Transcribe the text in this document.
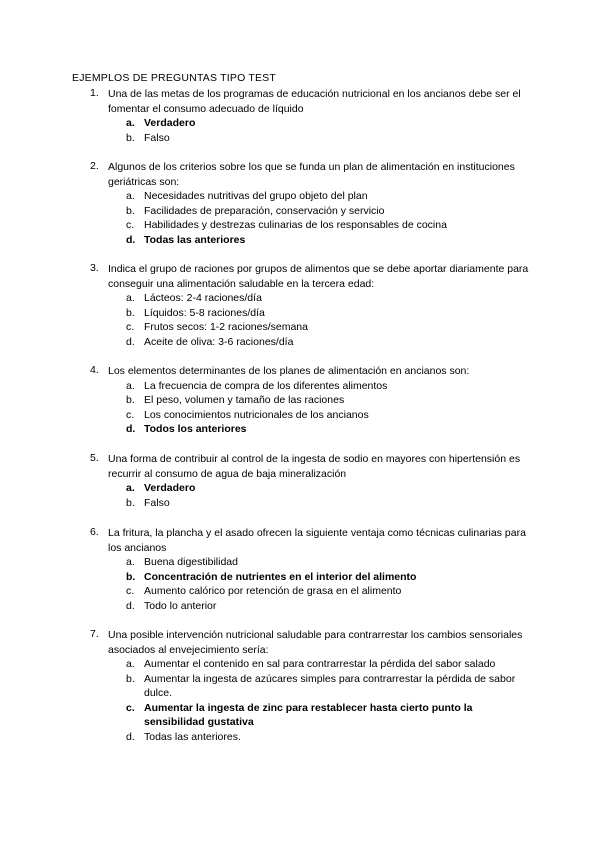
EJEMPLOS DE PREGUNTAS TIPO TEST
1. Una de las metas de los programas de educación nutricional en los ancianos debe ser el fomentar el consumo adecuado de líquido
a. Verdadero
b. Falso
2. Algunos de los criterios sobre los que se funda un plan de alimentación en instituciones geriátricas son:
a. Necesidades nutritivas del grupo objeto del plan
b. Facilidades de preparación, conservación y servicio
c. Habilidades y destrezas culinarias de los responsables de cocina
d. Todas las anteriores
3. Indica el grupo de raciones por grupos de alimentos que se debe aportar diariamente para conseguir una alimentación saludable en la tercera edad:
a. Lácteos: 2-4 raciones/día
b. Líquidos: 5-8 raciones/día
c. Frutos secos: 1-2 raciones/semana
d. Aceite de oliva: 3-6 raciones/día
4. Los elementos determinantes de los planes de alimentación en ancianos son:
a. La frecuencia de compra de los diferentes alimentos
b. El peso, volumen y tamaño de las raciones
c. Los conocimientos nutricionales de los ancianos
d. Todos los anteriores
5. Una forma de contribuir al control de la ingesta de sodio en mayores con hipertensión es recurrir al consumo de agua de baja mineralización
a. Verdadero
b. Falso
6. La fritura, la plancha y el asado ofrecen la siguiente ventaja como técnicas culinarias para los ancianos
a. Buena digestibilidad
b. Concentración de nutrientes en el interior del alimento
c. Aumento calórico por retención de grasa en el alimento
d. Todo lo anterior
7. Una posible intervención nutricional saludable para contrarrestar los cambios sensoriales asociados al envejecimiento sería:
a. Aumentar el contenido en sal para contrarrestar la pérdida del sabor salado
b. Aumentar la ingesta de azúcares simples para contrarrestar la pérdida de sabor dulce.
c. Aumentar la ingesta de zinc para restablecer hasta cierto punto la sensibilidad gustativa
d. Todas las anteriores.
